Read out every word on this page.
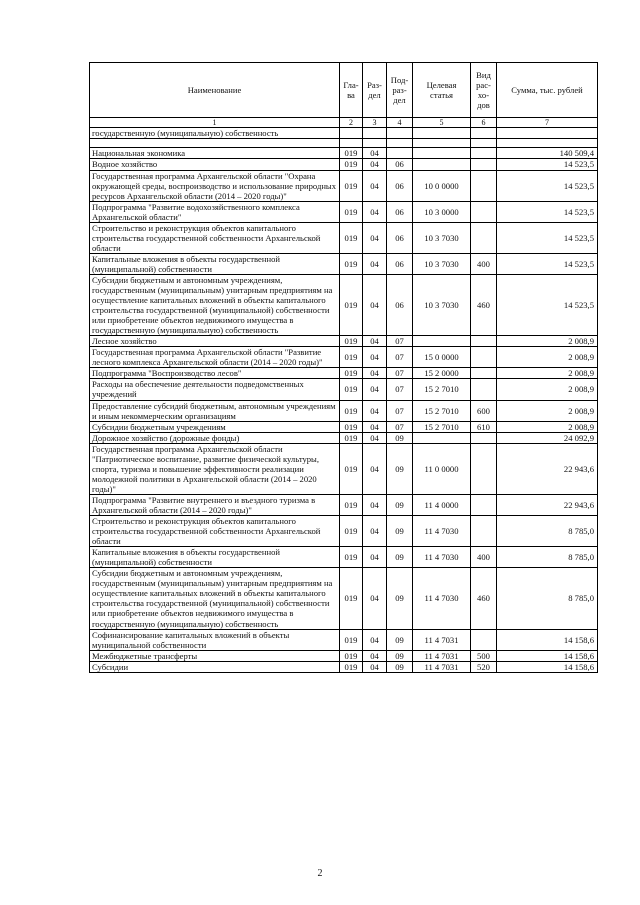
Наименование	Гла-ва	Раз-дел	Под-раз-дел	Целевая статья	Вид рас-хо-дов	Сумма, тыс. рублей
1	2	3	4	5	6	7
государственную (муниципальную) собственность						

Национальная экономика	019	04				140 509,4
Водное хозяйство	019	04	06			14 523,5
Государственная программа Архангельской области "Охрана окружающей среды, воспроизводство и использование природных ресурсов Архангельской области (2014 – 2020 годы)"	019	04	06	10 0 0000		14 523,5
Подпрограмма "Развитие водохозяйственного комплекса Архангельской области"	019	04	06	10 3 0000		14 523,5
Строительство и реконструкция объектов капитального строительства государственной собственности Архангельской области	019	04	06	10 3 7030		14 523,5
Капитальные вложения в объекты государственной (муниципальной) собственности	019	04	06	10 3 7030	400	14 523,5
Субсидии бюджетным и автономным учреждениям, государственным (муниципальным) унитарным предприятиям на осуществление капитальных вложений в объекты капитального строительства государственной (муниципальной) собственности или приобретение объектов недвижимого имущества в государственную (муниципальную) собственность	019	04	06	10 3 7030	460	14 523,5
Лесное хозяйство	019	04	07			2 008,9
Государственная программа Архангельской области "Развитие лесного комплекса Архангельской области (2014 – 2020 годы)"	019	04	07	15 0 0000		2 008,9
Подпрограмма "Воспроизводство лесов"	019	04	07	15 2 0000		2 008,9
Расходы на обеспечение деятельности подведомственных учреждений	019	04	07	15 2 7010		2 008,9
Предоставление субсидий бюджетным, автономным учреждениям и иным некоммерческим организациям	019	04	07	15 2 7010	600	2 008,9
Субсидии бюджетным учреждениям	019	04	07	15 2 7010	610	2 008,9
Дорожное хозяйство (дорожные фонды)	019	04	09			24 092,9
Государственная программа Архангельской области "Патриотическое воспитание, развитие физической культуры, спорта, туризма и повышение эффективности реализации молодежной политики в Архангельской области (2014 – 2020 годы)"	019	04	09	11 0 0000		22 943,6
Подпрограмма "Развитие внутреннего и въездного туризма в Архангельской области (2014 – 2020 годы)"	019	04	09	11 4 0000		22 943,6
Строительство и реконструкция объектов капитального строительства государственной собственности Архангельской области	019	04	09	11 4 7030		8 785,0
Капитальные вложения в объекты государственной (муниципальной) собственности	019	04	09	11 4 7030	400	8 785,0
Субсидии бюджетным и автономным учреждениям, государственным (муниципальным) унитарным предприятиям на осуществление капитальных вложений в объекты капитального строительства государственной (муниципальной) собственности или приобретение объектов недвижимого имущества в государственную (муниципальную) собственность	019	04	09	11 4 7030	460	8 785,0
Софинансирование капитальных вложений в объекты муниципальной собственности	019	04	09	11 4 7031		14 158,6
Межбюджетные трансферты	019	04	09	11 4 7031	500	14 158,6
Субсидии	019	04	09	11 4 7031	520	14 158,6
2
